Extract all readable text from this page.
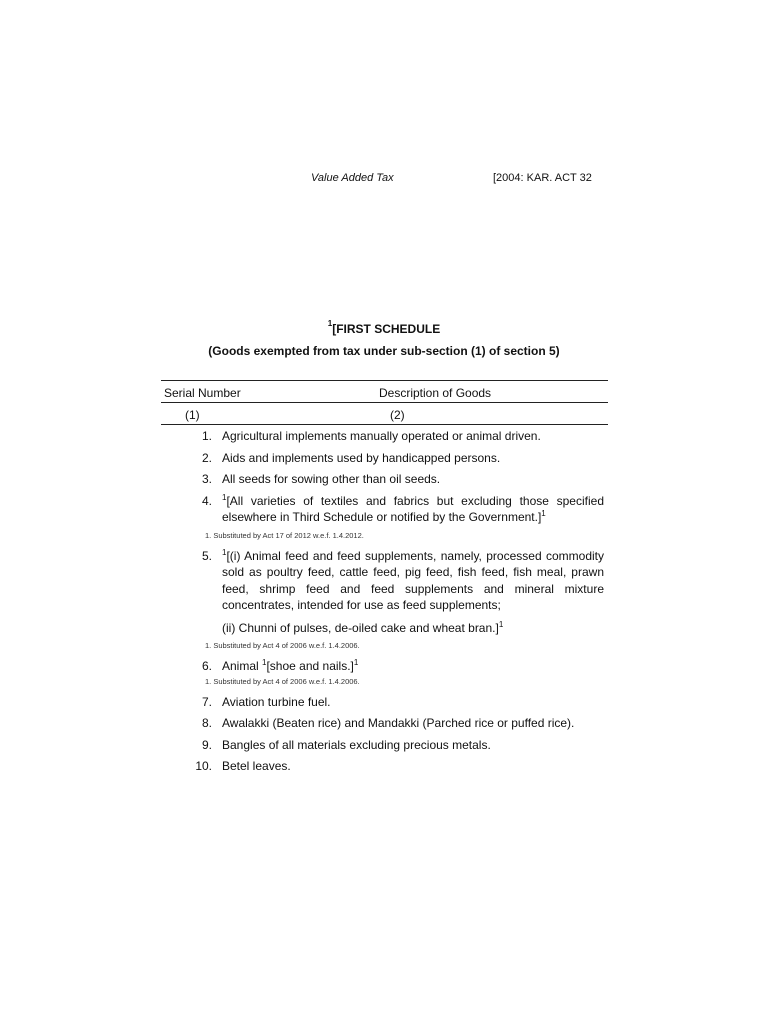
Value Added Tax	[2004: KAR. ACT 32
$^1$[FIRST SCHEDULE
(Goods exempted from tax under sub-section (1) of section 5)
Serial Number	Description of Goods
(1)	(2)
1. Agricultural implements manually operated or animal driven.

2. Aids and implements used by handicapped persons.

3. All seeds for sowing other than oil seeds.

4. $^1$[All varieties of textiles and fabrics but excluding those specified elsewhere in Third Schedule or notified by the Government.]$^1$

1. Substituted by Act 17 of 2012 w.e.f. 1.4.2012.
5. $^1$[(i) Animal feed and feed supplements, namely, processed commodity sold as poultry feed, cattle feed, pig feed, fish feed, fish meal, prawn feed, shrimp feed and feed supplements and mineral mixture concentrates, intended for use as feed supplements;

(ii) Chunni of pulses, de-oiled cake and wheat bran.]$^1$

1. Substituted by Act 4 of 2006 w.e.f. 1.4.2006.
6. Animal $^1$[shoe and nails.]$^1$

1. Substituted by Act 4 of 2006 w.e.f. 1.4.2006.
7. Aviation turbine fuel.

8. Awalakki (Beaten rice) and Mandakki (Parched rice or puffed rice).

9. Bangles of all materials excluding precious metals.

10. Betel leaves.
